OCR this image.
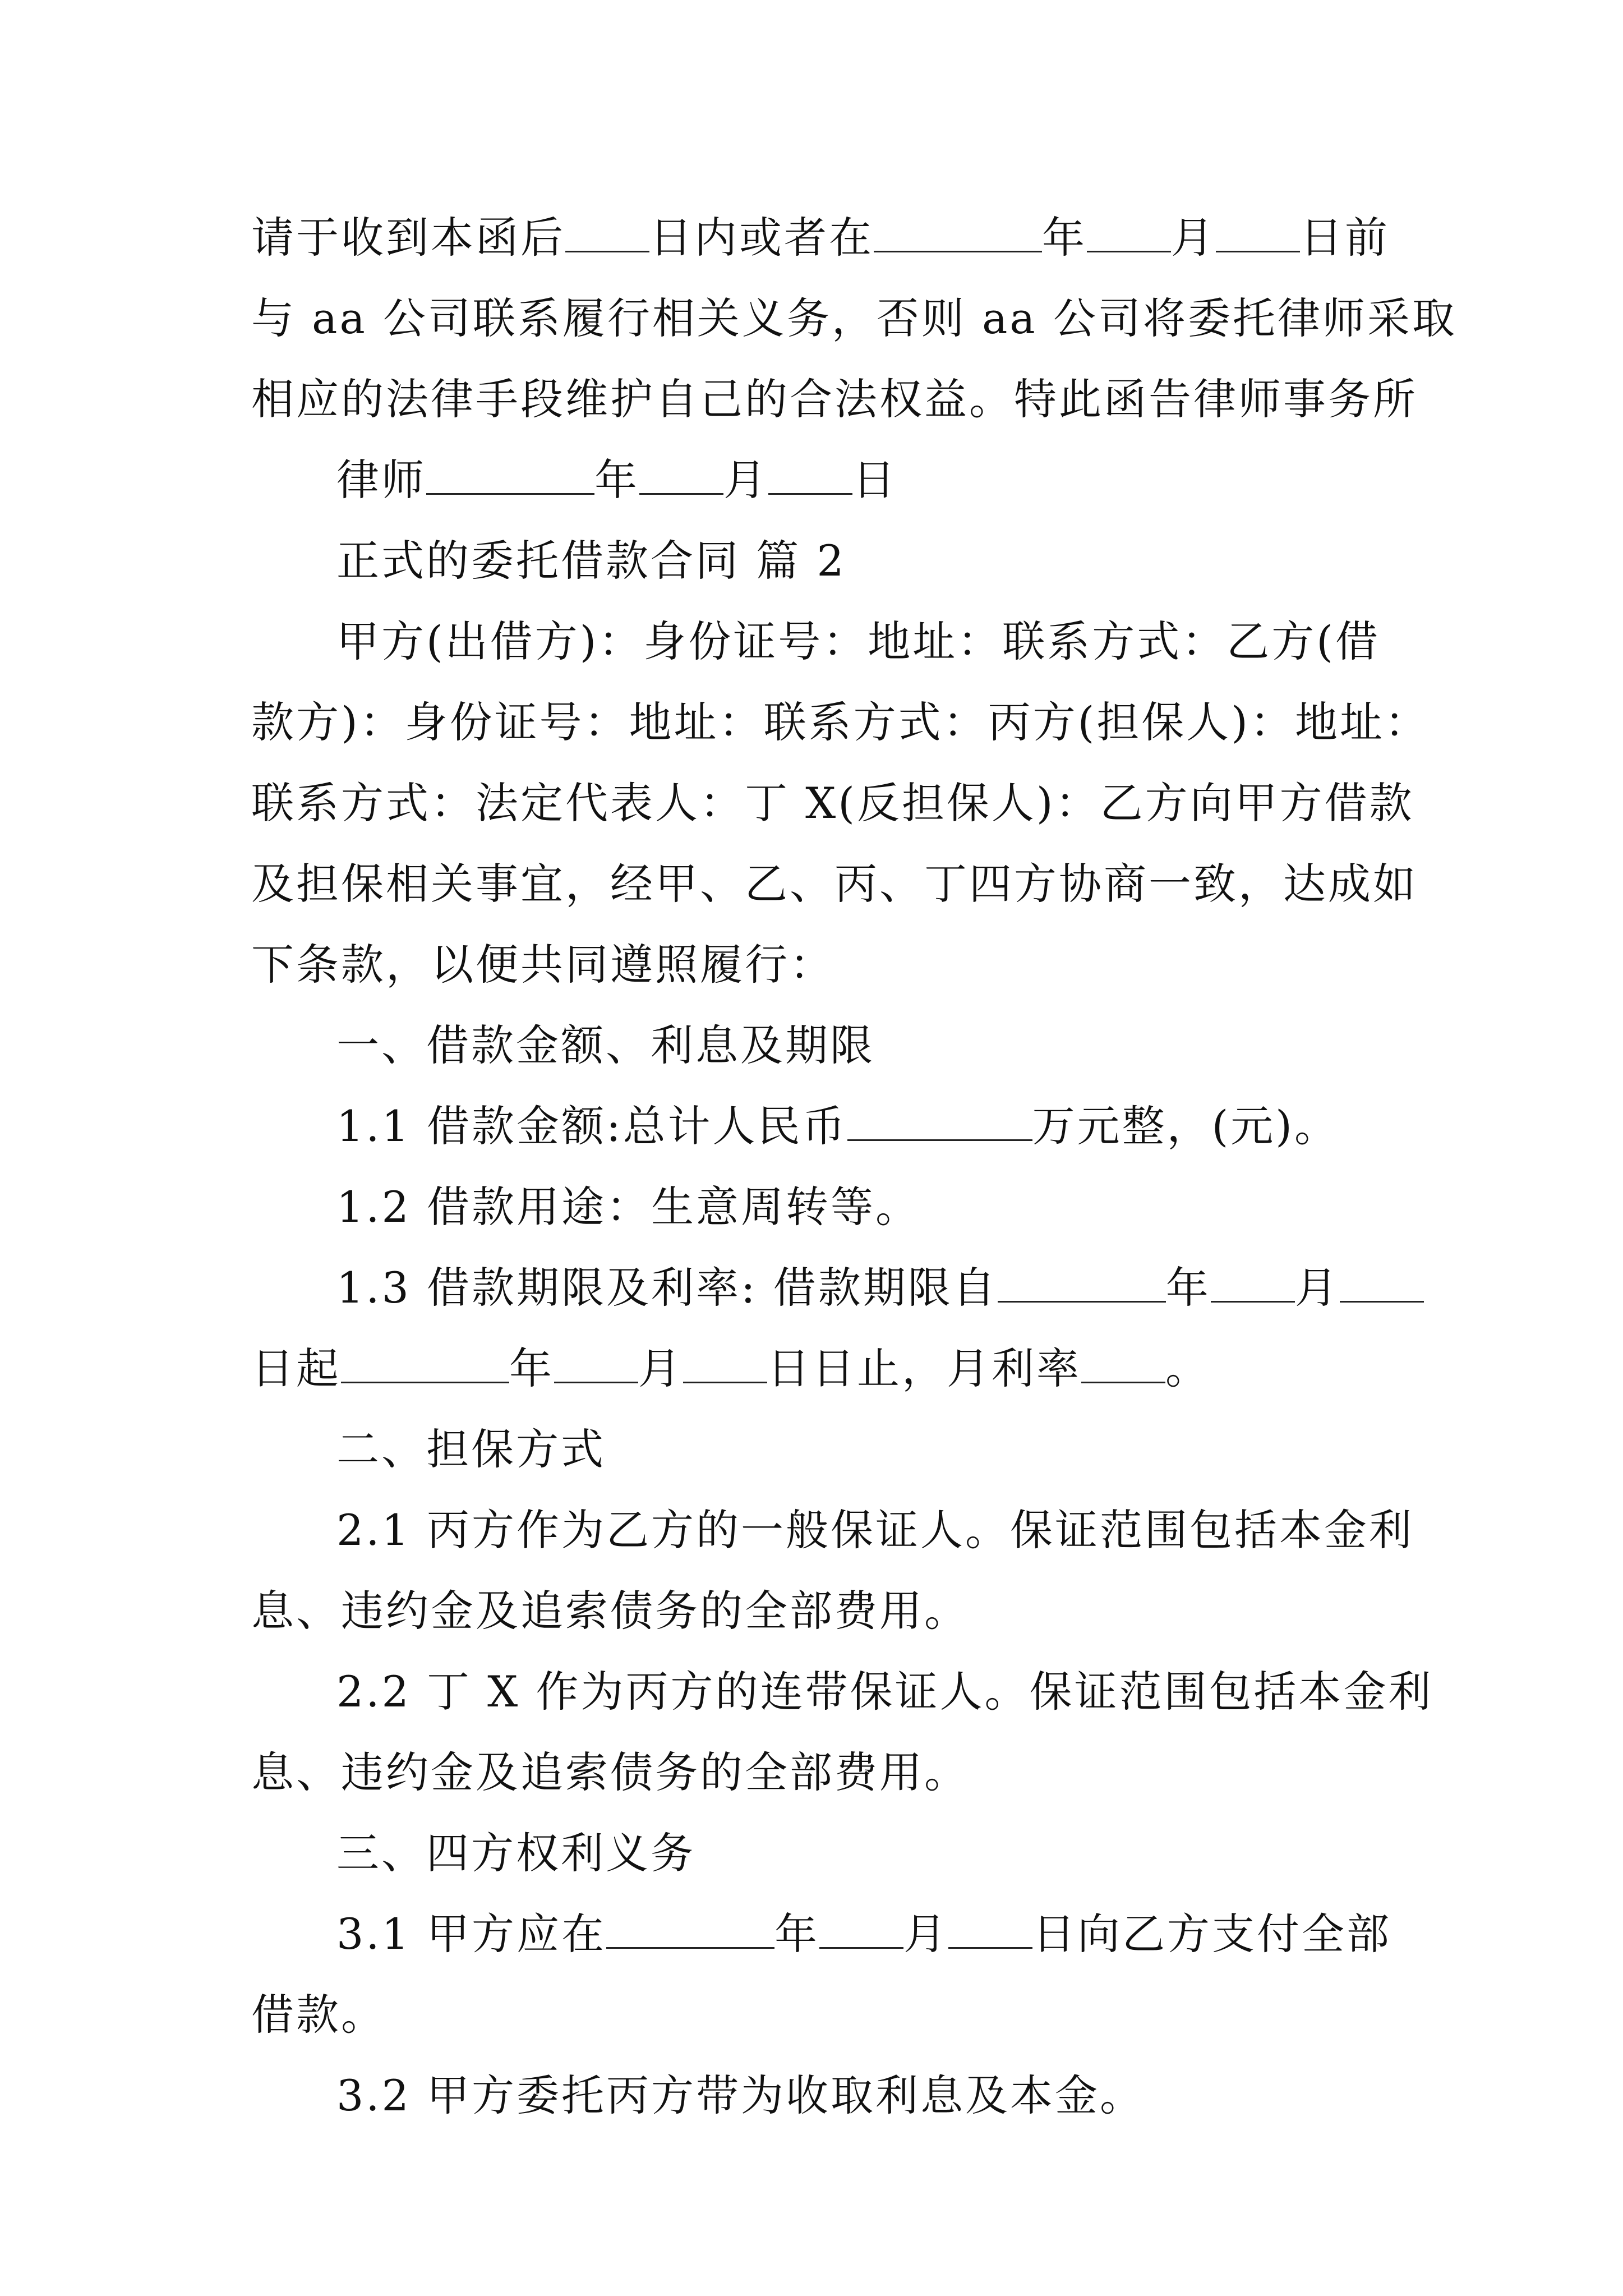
请于收到本函后 日内或者在	年 月 日前

与 aa 公司联系履行相关义务，否则 aa 公司将委托律师采取

相应的法律手段维护自己的合法权益。特此函告律师事务所

律师	年 月 日

正式的委托借款合同 篇 2

甲方(出借方)：身份证号：地址：联系方式：乙方(借

款方)：身份证号：地址：联系方式：丙方(担保人)：地址：

联系方式：法定代表人：丁 X(反担保人)：乙方向甲方借款

及担保相关事宜，经甲、乙、丙、丁四方协商一致，达成如

下条款，以便共同遵照履行：

一、借款金额、利息及期限

1.1 借款金额:总计人民币	万元整，(元)。

1.2 借款用途：生意周转等。

1.3 借款期限及利率: 借款期限自	年 月

日起	年 月 日日止，月利率 。

二、担保方式

2.1 丙方作为乙方的一般保证人。保证范围包括本金利

息、违约金及追索债务的全部费用。

2.2 丁 X 作为丙方的连带保证人。保证范围包括本金利

息、违约金及追索债务的全部费用。

三、四方权利义务

3.1 甲方应在	年 月 日向乙方支付全部

借款。

3.2 甲方委托丙方带为收取利息及本金。
